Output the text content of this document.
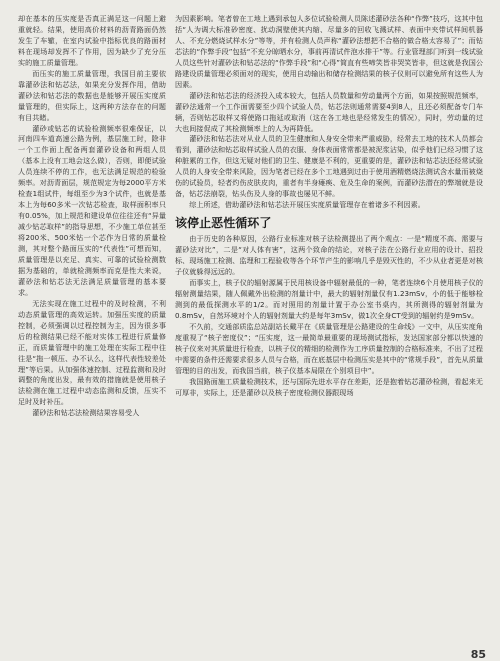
却在基本的压实度是否真正满足这一问题上避重就轻。结果，使用高价材料的沥青路面仍然发生了车辙，在室内试验中指标优良的路面材料在现场却发挥不了作用，因为缺少了充分压实的施工质量管理。

而压实的施工质量管理，我国目前主要依靠灌砂法和钻芯法，如果充分发挥作用，借助灌砂法和钻芯法的数据也是能够开展压实度质量管理的，但实际上，这两种方法存在的问题有目共睹。

灌砂或钻芯的试验检测频率很难保证，以河南四车道高速公路为例，基层施工时，除非一个工作面上配备两套灌砂设备和两组人员（基本上没有工地会这么做），否则，即便试验人员连续不停的工作，也无法满足规范的检验频率。对沥青面层，规范规定为每2000平方米检查1组试件，每组至少为3个试件，也就是基本上为每60多米一次钻芯检查，取样面积率只有0.05%，加上规范和建设单位往往还有“异量减少钻芯取样”的指导思想，不少施工单位甚至将200米、500米钻一个芯作为日常的质量检测，其对整个路面压实的“代表性”可想而知，质量管理是以充足、真实、可靠的试验检测数据为基础的，单就检测频率而克是性大来说，灌砂法和钻芯法无法满足质量管理的基本要求。

无法实现在施工过程中的及时检测，不利动态质量管理的高效运转。加强压实度的质量控制，必须强调以过程控制为主，因为很多事后的检测结果已经不能对实体工程进行质量修正，而质量管理中的施工处理在实际工程中往往是“拖一顿压、办不认么，这样代表性较差处理”等后果。从加强体速控制、过程监测和及时调整的角度出发，最有效的措施就是使用核子法检测在施工过程中动态监测和反馈，压实不足时及时补压。

灌砂法和钻芯法检测结果容易受人

为因素影响。笔者曾在工地上遇到承包人多位试验检测人员陈述灌砂法各种“作弊”技巧，这其中包括“人为调大标准砂密度、扰动洞壁使其内缩、尽量多的回收飞溅试样、表面中夹带试样间机器人、不充分燃烧试样水分”等等，并有检测人员声称“灌砂法想把不合格的做合格太容易了”；而钻芯法的“作弊手段”包括“不充分晾晒水分，事前再清试件泡水排干”等。行业管理部门听到一线试验人员这些针对灌砂法和钻芯法的“作弊手段”和“心得”简直有些啼笑皆非哭笑皆非，但这就是我国公路建设质量管理必须面对的现实，使用自动输出和储存检测结果的核子仪则可以避免所有这些人为因素。

灌砂法和钻芯法的经济投入成本较大，包括人员数量和劳动量两个方面，如果按照规范频率，灌砂法通常一个工作面需要至少四个试验人员，钻芯法则通常需要4到8人，且还必须配备专门车辆，否则钻芯取样又将使路口拖延或取消（这在各工地也是经常发生的情况），同时，劳动量的过大也间接促成了其检测频率上的人为再降低。

灌砂法和钻芯法对从业人员的卫生健康和人身安全带来严重威胁，经常去工地的技术人员都会看到，灌砂法和钻芯取样试验人员的衣服、身体表面常常都是被泥浆沾染，似乎他们已经习惯了这种脏累的工作，但这无疑对他们的卫生、健康是不利的，更重要的是，灌砂法和钻芯法还经常试验人员的人身安全带来风险，因为笔者已经在多个工地遇到过由于使用酒精燃烧法测试含水量而被烧伤的试验员，轻者灼伤皮肤皮肉，重者有半身瘫痪、危及生命的案例，而灌砂法潜在的弊端就是设备，钻芯法崩裂，钻头伤及人身的事故也屡见不鲜。

综上所述，借助灌砂法和钻芯法开展压实度质量管理存在着诸多不利因素。

该停止恶性循环了

由于历史的各种原因，公路行业标准对核子法检测提出了两个观点：一是“精度不高、需要与灌砂法对比”，二是“对人体有害”，这两个致命的结论，对核子法在公路行业应用的设计、招投标、现场施工检测、监理和工程验收等各个环节产生的影响几乎是毁灭性的，不少从业者更是对核子仪就躲得远远的。

而事实上，核子仪的辐射源属于民用核设备中辐射最低的一种，笔者连续6个月使用核子仪的辐射测量结果，随人佩戴外出检测的剂量计中，最大的辐射剂量仅有1.23mSv，小的低于能够检测到的最低探测水平的1/2。而对照用的剂量计置于办公室书桌内，其所测得的辐射剂量为0.8mSv，自然环境对个人的辐射剂量大约是每年3mSv，做1次全身CT受到的辐射约是9mSv。

不久前，交通部质监总站副站长戴平在《质量管理是公路建设的生命线》一文中，从压实度角度重视了“核子密度仪”；“压实度，这一最简单最重要的现场测试指标，发达国家部分都以快速的核子仪来对其质量进行检查，以核子仪的精细的检测作为工序质量控制的合格标准来，不出了过程中需要的条件还需要求很多人员与合格，而在底基层中检测压实是其中的”常规手段”，首先从质量管理的目的出发，而我国当前，核子仪基本局限在个别项目中”。

我国路面施工质量检测技术，还与国际先进水平存在差距，还是抱着钻芯灌砂检测，看起来无可厚非，实际上，还是灌砂以及核子密度检测仪器跟现场

85
